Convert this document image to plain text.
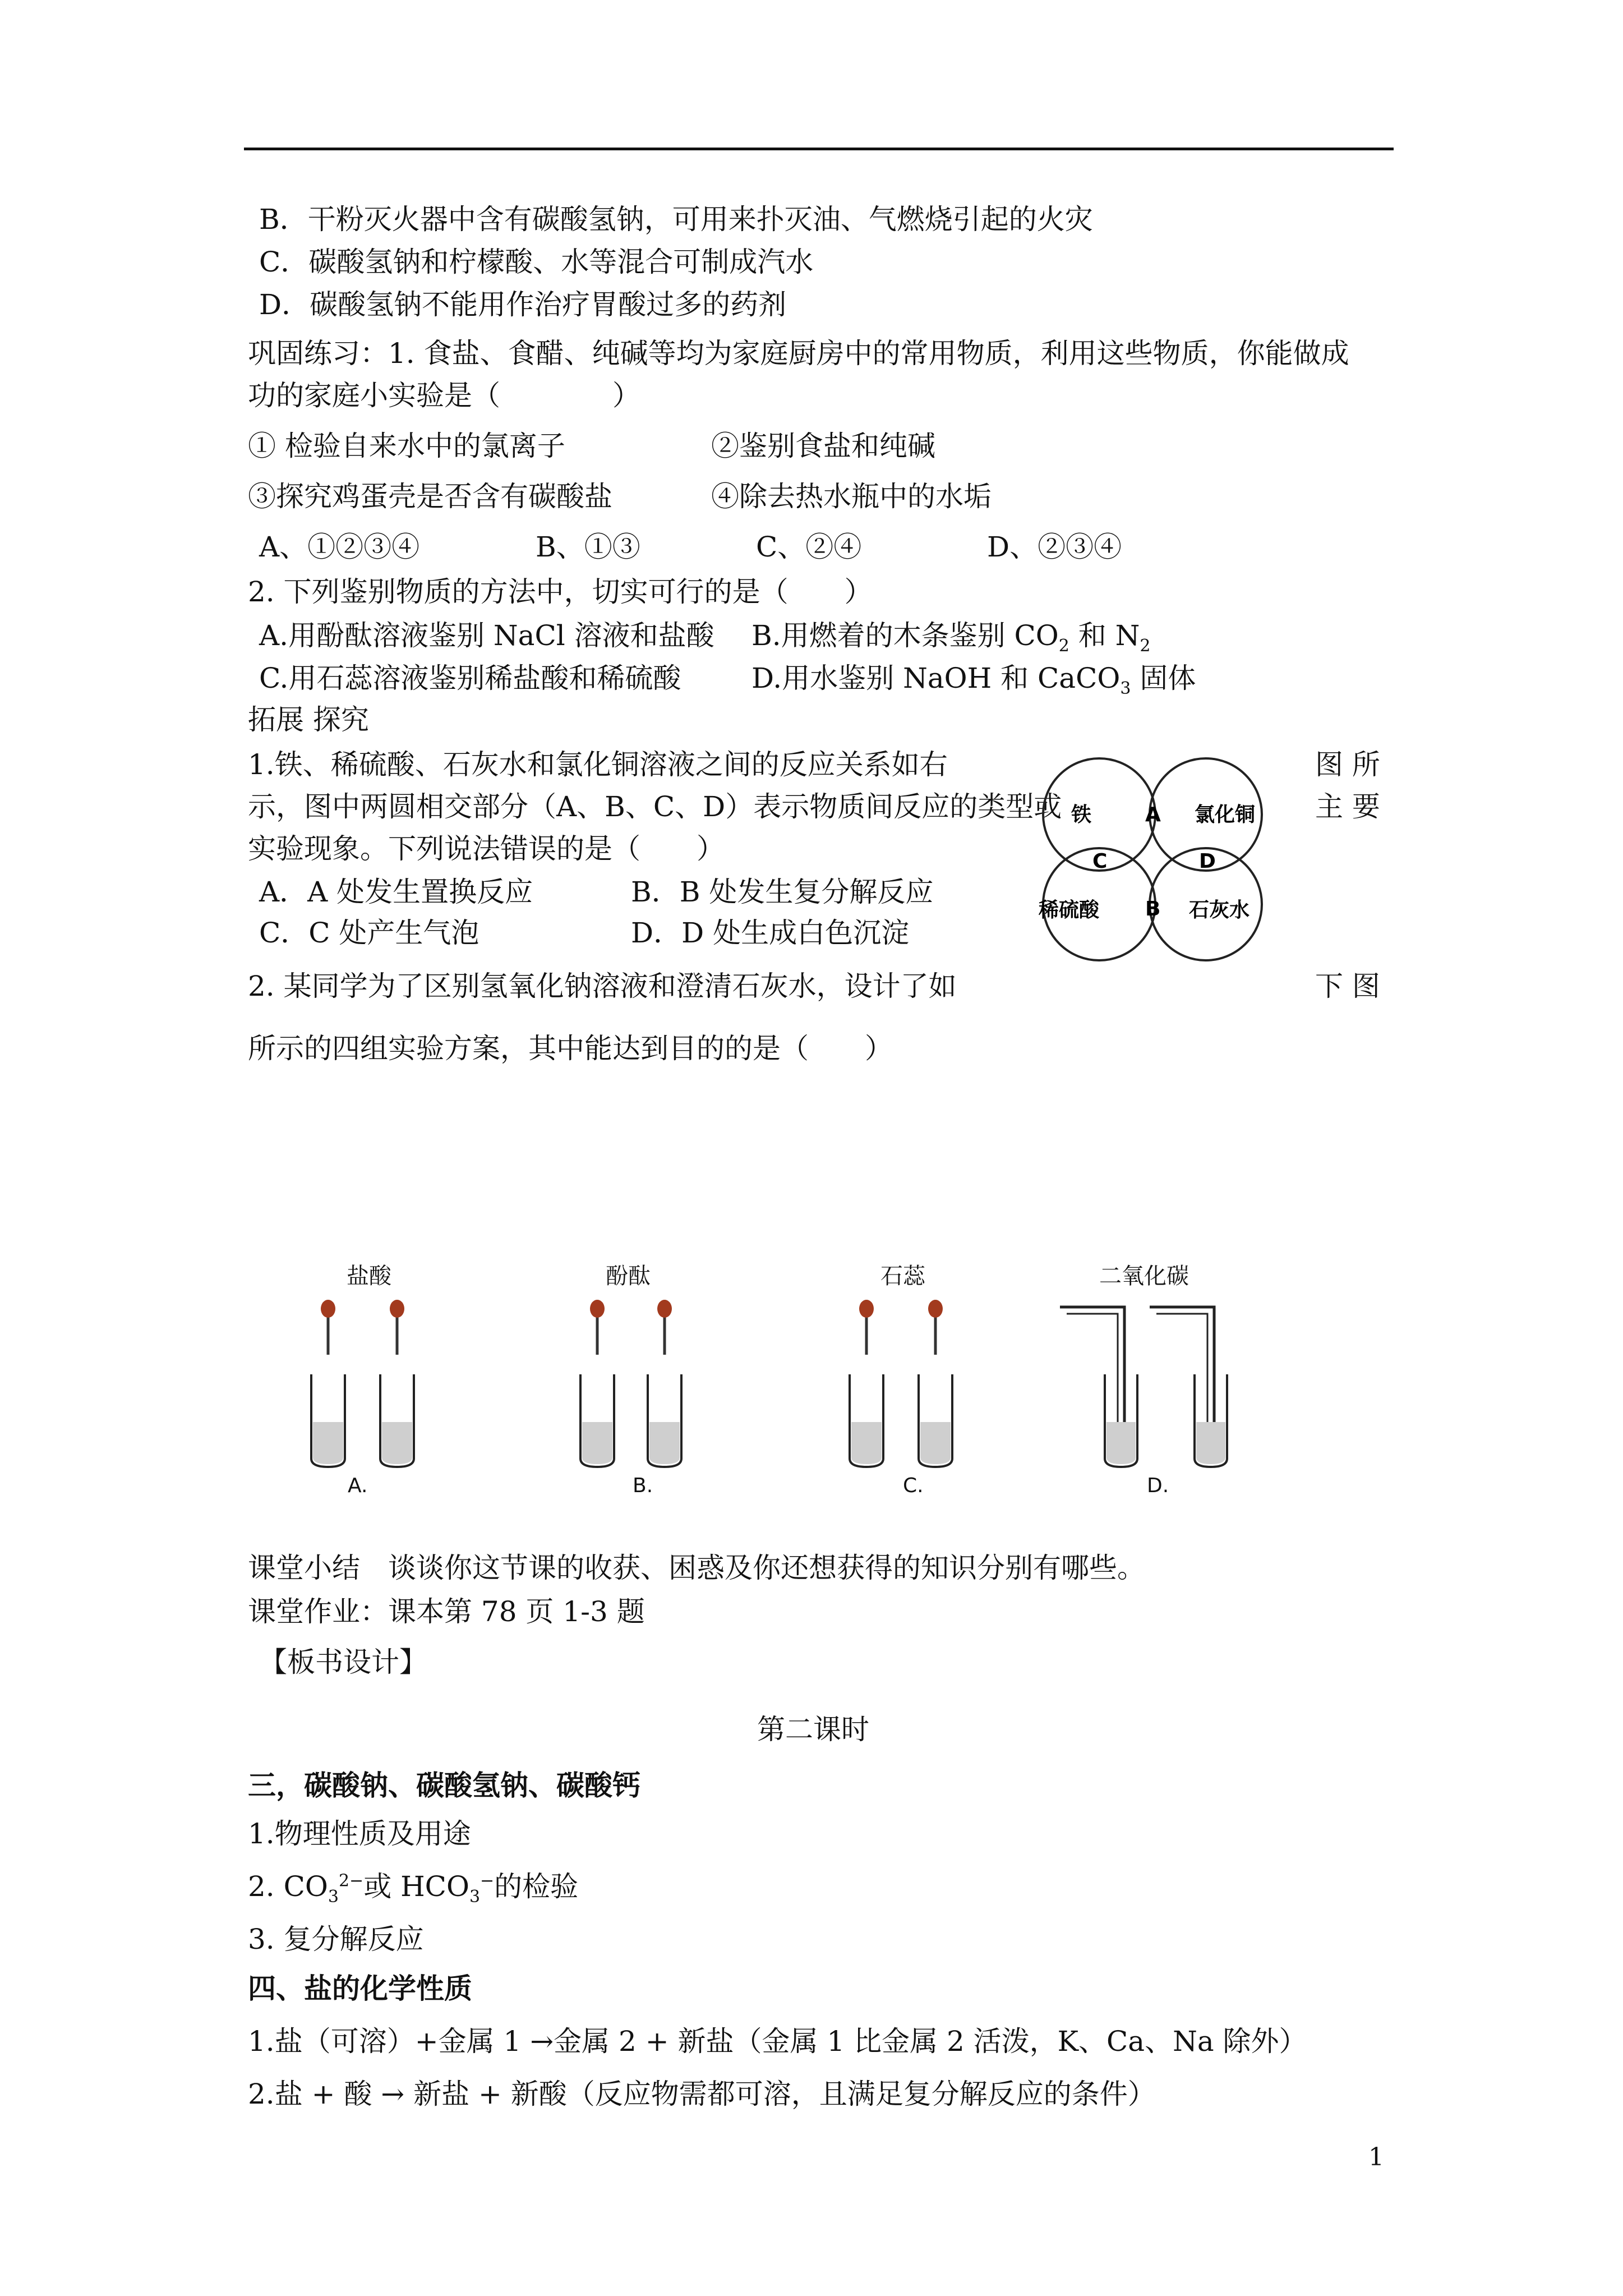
B．干粉灭火器中含有碳酸氢钠，可用来扑灭油、气燃烧引起的火灾
C．碳酸氢钠和柠檬酸、水等混合可制成汽水
D．碳酸氢钠不能用作治疗胃酸过多的药剂
巩固练习：1. 食盐、食醋、纯碱等均为家庭厨房中的常用物质，利用这些物质，你能做成
功的家庭小实验是（　　　　）
① 检验自来水中的氯离子	②鉴别食盐和纯碱
③探究鸡蛋壳是否含有碳酸盐	④除去热水瓶中的水垢
A、①②③④	B、①③	C、②④	D、②③④
2. 下列鉴别物质的方法中，切实可行的是（　　）
A.用酚酞溶液鉴别 NaCl 溶液和盐酸 B.用燃着的木条鉴别 $CO_2$ 和 $N_2$
C.用石蕊溶液鉴别稀盐酸和稀硫酸	D.用水鉴别 NaOH 和 CaCO$_3$ 固体
拓展 探究
1.铁、稀硫酸、石灰水和氯化铜溶液之间的反应关系如右	图 所
示，图中两圆相交部分（A、B、C、D）表示物质间反应的类型或	主 要
实验现象。下列说法错误的是（　　）
A．A 处发生置换反应	B．B 处发生复分解反应
C．C 处产生气泡	D．D 处生成白色沉淀
铁	氯化铜
稀硫酸	石灰水
A
B
C	D
2. 某同学为了区别氢氧化钠溶液和澄清石灰水，设计了如	下 图
所示的四组实验方案，其中能达到目的的是（　　）
盐酸
A.
酚酞
B.
石蕊
C.
二氧化碳
D.
课堂小结　谈谈你这节课的收获、困惑及你还想获得的知识分别有哪些。
课堂作业：课本第 78 页 1-3 题
【板书设计】
第二课时
三，碳酸钠、碳酸氢钠、碳酸钙
1.物理性质及用途
2. $CO_3^{2-}$或 $HCO_3^-$的检验
3. 复分解反应
四、盐的化学性质
1.盐（可溶）+金属 1 →金属 2 + 新盐（金属 1 比金属 2 活泼，K、Ca、Na 除外）
2.盐 + 酸 → 新盐 + 新酸（反应物需都可溶，且满足复分解反应的条件）
1
